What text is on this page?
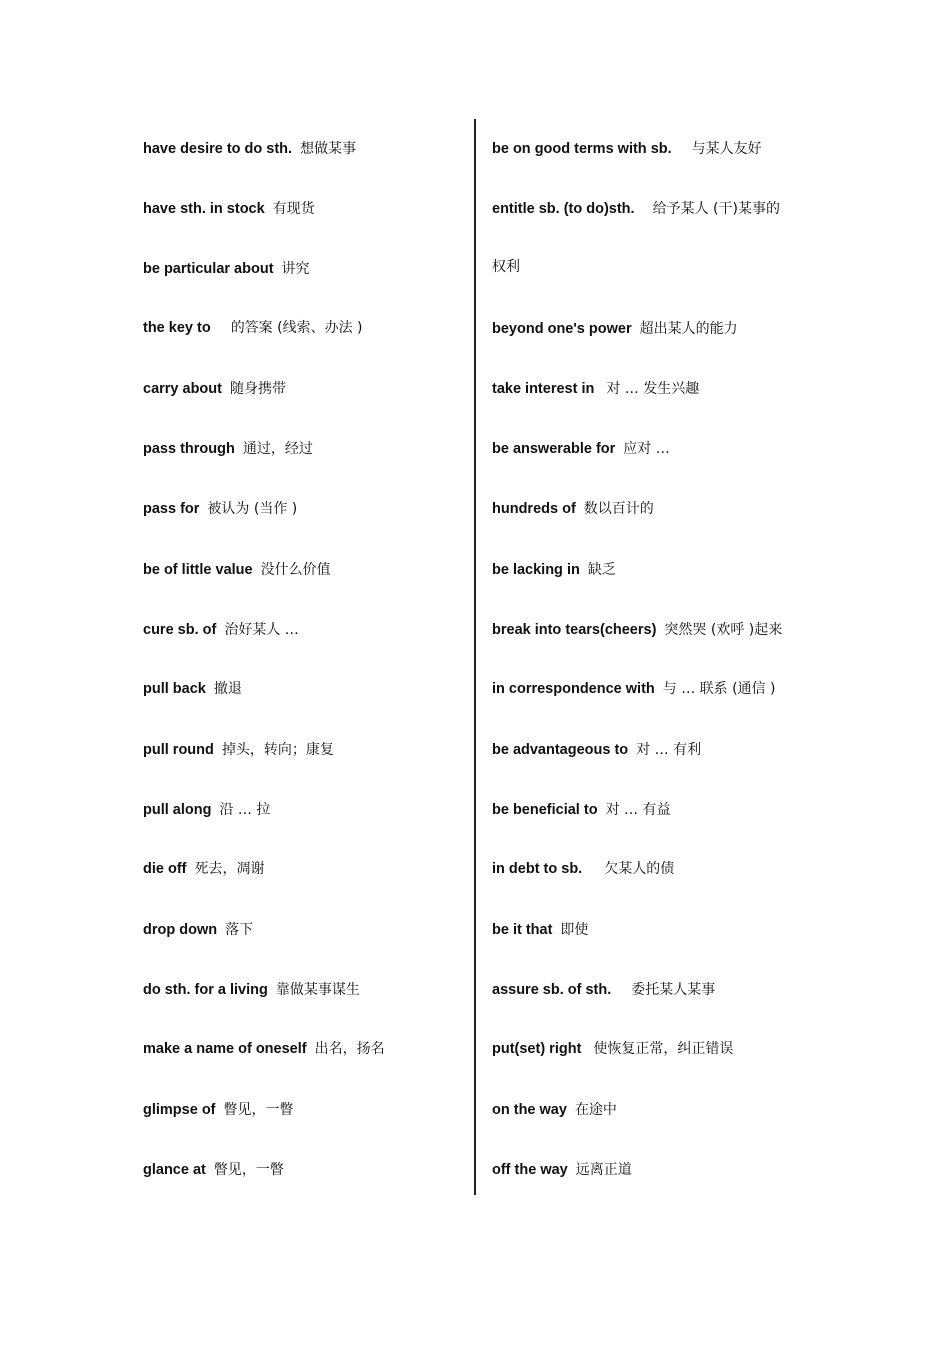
have desire to do sth. 想做某事
have sth. in stock 有现货
be particular about 讲究
the key to 的答案 (线索、办法 )
carry about 随身携带
pass through 通过，经过
pass for 被认为 (当作 )
be of little value 没什么价值
cure sb. of 治好某人 …
pull back 撤退
pull round 掉头，转向；康复
pull along 沿 … 拉
die off 死去，凋谢
drop down 落下
do sth. for a living 靠做某事谋生
make a name of oneself 出名，扬名
glimpse of 瞥见，一瞥
glance at 瞥见，一瞥
be on good terms with sb. 与某人友好
entitle sb. (to do)sth. 给予某人 (干)某事的
权利
beyond one's power 超出某人的能力
take interest in 对 … 发生兴趣
be answerable for 应对 …
hundreds of 数以百计的
be lacking in 缺乏
break into tears(cheers) 突然哭 (欢呼 )起来
in correspondence with 与 … 联系 (通信 )
be advantageous to 对 … 有利
be beneficial to 对 … 有益
in debt to sb. 欠某人的债
be it that 即使
assure sb. of sth. 委托某人某事
put(set) right 使恢复正常，纠正错误
on the way 在途中
off the way 远离正道
